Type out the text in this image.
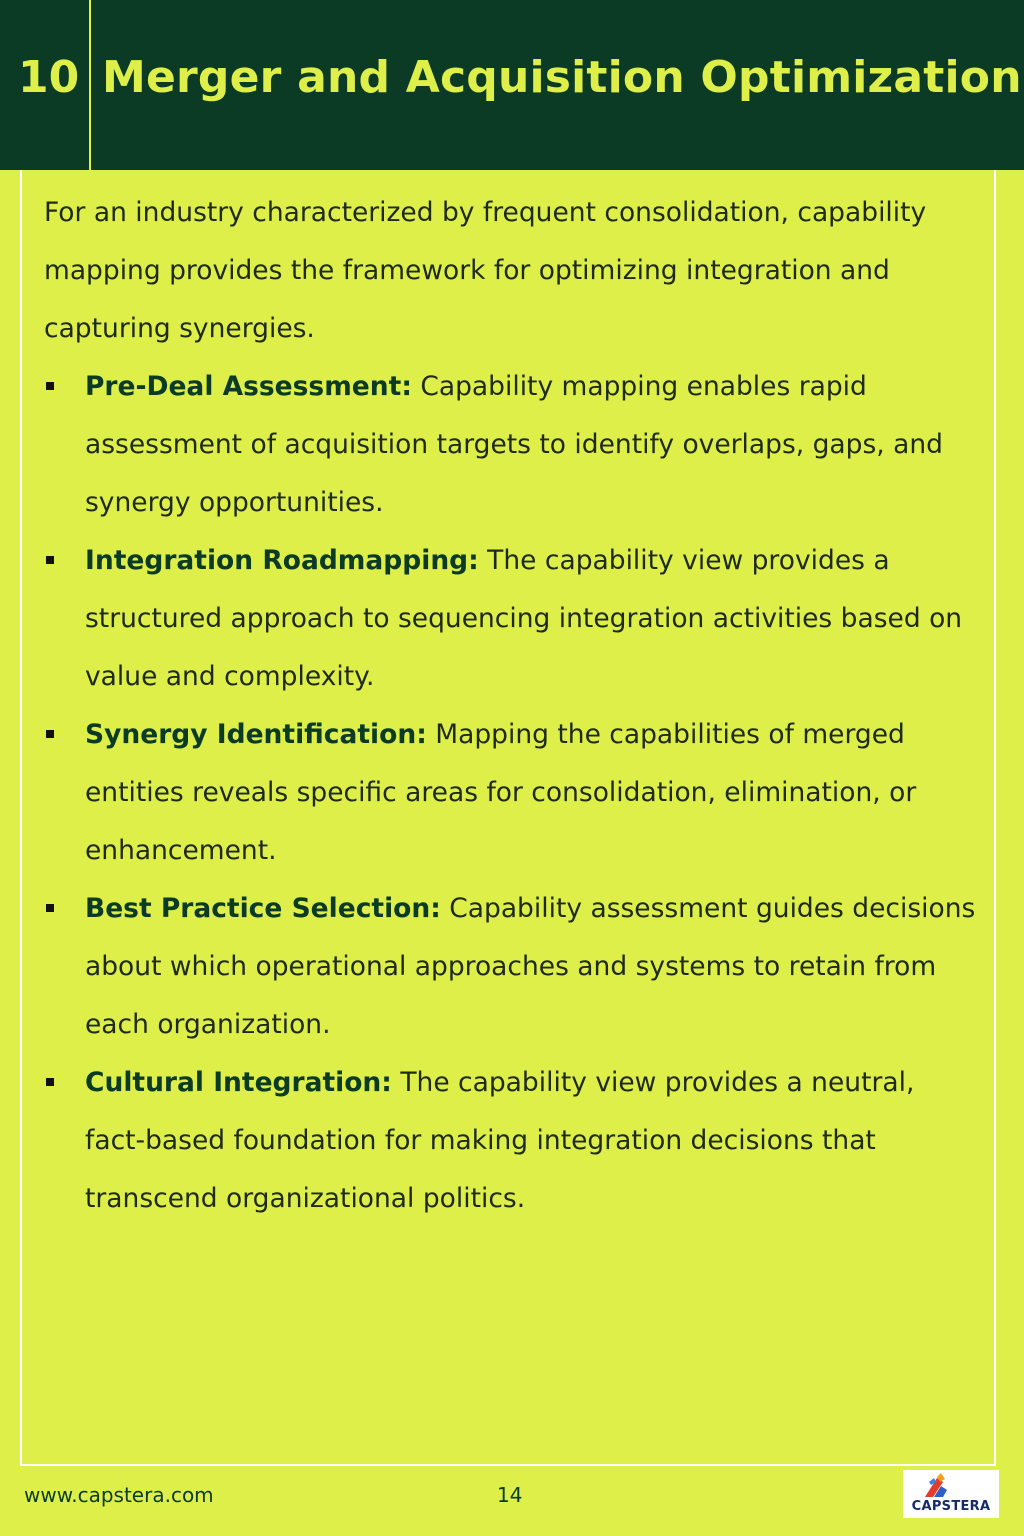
10 Merger and Acquisition Optimization

For an industry characterized by frequent consolidation, capability mapping provides the framework for optimizing integration and capturing synergies.

Pre-Deal Assessment: Capability mapping enables rapid assessment of acquisition targets to identify overlaps, gaps, and synergy opportunities.
Integration Roadmapping: The capability view provides a structured approach to sequencing integration activities based on value and complexity.
Synergy Identification: Mapping the capabilities of merged entities reveals specific areas for consolidation, elimination, or enhancement.
Best Practice Selection: Capability assessment guides decisions about which operational approaches and systems to retain from each organization.
Cultural Integration: The capability view provides a neutral, fact-based foundation for making integration decisions that transcend organizational politics.
www.capstera.com	14	CAPSTERA
